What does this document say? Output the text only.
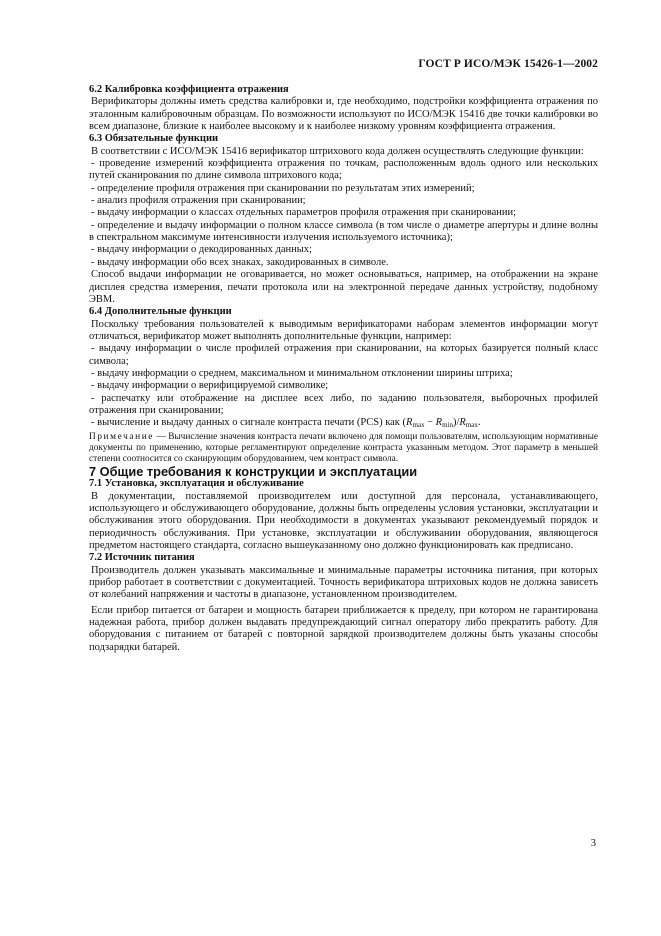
ГОСТ Р ИСО/МЭК 15426-1—2002

6.2 Калибровка коэффициента отражения

Верификаторы должны иметь средства калибровки и, где необходимо, подстройки коэффициента отражения по эталонным калибровочным образцам. По возможности используют по ИСО/МЭК 15416 две точки калибровки во всем диапазоне, близкие к наиболее высокому и к наиболее низкому уровням коэффициента отражения.

6.3 Обязательные функции

В соответствии с ИСО/МЭК 15416 верификатор штрихового кода должен осуществлять следующие функции:

- проведение измерений коэффициента отражения по точкам, расположенным вдоль одного или нескольких путей сканирования по длине символа штрихового кода;

- определение профиля отражения при сканировании по результатам этих измерений;

- анализ профиля отражения при сканировании;

- выдачу информации о классах отдельных параметров профиля отражения при сканировании;

- определение и выдачу информации о полном классе символа (в том числе о диаметре апертуры и длине волны в спектральном максимуме интенсивности излучения используемого источника);

- выдачу информации о декодированных данных;

- выдачу информации обо всех знаках, закодированных в символе.

Способ выдачи информации не оговаривается, но может основываться, например, на отображении на экране дисплея средства измерения, печати протокола или на электронной передаче данных устройству, подобному ЭВМ.

6.4 Дополнительные функции

Поскольку требования пользователей к выводимым верификаторами наборам элементов информации могут отличаться, верификатор может выполнять дополнительные функции, например:

- выдачу информации о числе профилей отражения при сканировании, на которых базируется полный класс символа;

- выдачу информации о среднем, максимальном и минимальном отклонении ширины штриха;

- выдачу информации о верифицируемой символике;

- распечатку или отображение на дисплее всех либо, по заданию пользователя, выборочных профилей отражения при сканировании;

- вычисление и выдачу данных о сигнале контраста печати (PCS) как $(R_{max} - R_{min})/R_{max}$.

Примечание — Вычисление значения контраста печати включено для помощи пользователям, использующим нормативные документы по применению, которые регламентируют определение контраста указанным методом. Этот параметр в меньшей степени соотносится со сканирующим оборудованием, чем контраст символа.

7 Общие требования к конструкции и эксплуатации

7.1 Установка, эксплуатация и обслуживание

В документации, поставляемой производителем или доступной для персонала, устанавливающего, использующего и обслуживающего оборудование, должны быть определены условия установки, эксплуатации и обслуживания этого оборудования. При необходимости в документах указывают рекомендуемый порядок и периодичность обслуживания. При установке, эксплуатации и обслуживании оборудования, являющегося предметом настоящего стандарта, согласно вышеуказанному оно должно функционировать как предписано.

7.2 Источник питания

Производитель должен указывать максимальные и минимальные параметры источника питания, при которых прибор работает в соответствии с документацией. Точность верификатора штриховых кодов не должна зависеть от колебаний напряжения и частоты в диапазоне, установленном производителем.

Если прибор питается от батареи и мощность батареи приближается к пределу, при котором не гарантирована надежная работа, прибор должен выдавать предупреждающий сигнал оператору либо прекратить работу. Для оборудования с питанием от батарей с повторной зарядкой производителем должны быть указаны способы подзарядки батарей.

3
